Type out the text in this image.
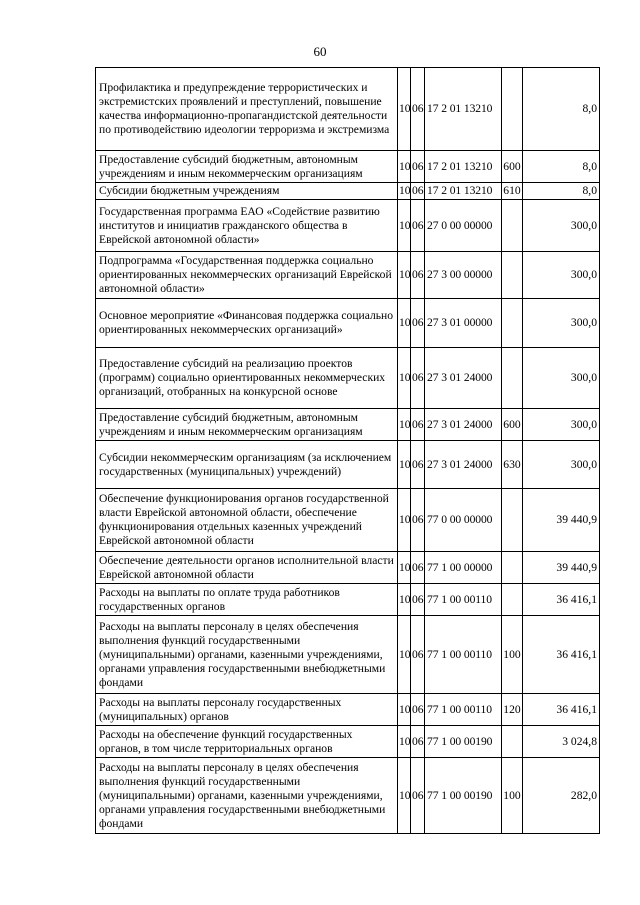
60
Профилактика и предупреждение террористических и экстремистских проявлений и преступлений, повышение качества информационно-пропагандистской деятельности по противодействию идеологии терроризма и экстремизма	10	06	17 2 01 13210		8,0
Предоставление субсидий бюджетным, автономным учреждениям и иным некоммерческим организациям	10	06	17 2 01 13210	600	8,0
Субсидии бюджетным учреждениям	10	06	17 2 01 13210	610	8,0
Государственная программа ЕАО «Содействие развитию институтов и инициатив гражданского общества в Еврейской автономной области»	10	06	27 0 00 00000		300,0
Подпрограмма «Государственная поддержка социально ориентированных некоммерческих организаций Еврейской автономной области»	10	06	27 3 00 00000		300,0
Основное мероприятие «Финансовая поддержка социально ориентированных некоммерческих организаций»	10	06	27 3 01 00000		300,0
Предоставление субсидий на реализацию проектов (программ) социально ориентированных некоммерческих организаций, отобранных на конкурсной основе	10	06	27 3 01 24000		300,0
Предоставление субсидий бюджетным, автономным учреждениям и иным некоммерческим организациям	10	06	27 3 01 24000	600	300,0
Субсидии некоммерческим организациям (за исключением государственных (муниципальных) учреждений)	10	06	27 3 01 24000	630	300,0
Обеспечение функционирования органов государственной власти Еврейской автономной области, обеспечение функционирования отдельных казенных учреждений Еврейской автономной области	10	06	77 0 00 00000		39 440,9
Обеспечение деятельности органов исполнительной власти Еврейской автономной области	10	06	77 1 00 00000		39 440,9
Расходы на выплаты по оплате труда работников государственных органов	10	06	77 1 00 00110		36 416,1
Расходы на выплаты персоналу в целях обеспечения выполнения функций государственными (муниципальными) органами, казенными учреждениями, органами управления государственными внебюджетными фондами	10	06	77 1 00 00110	100	36 416,1
Расходы на выплаты персоналу государственных (муниципальных) органов	10	06	77 1 00 00110	120	36 416,1
Расходы на обеспечение функций государственных органов, в том числе территориальных органов	10	06	77 1 00 00190		3 024,8
Расходы на выплаты персоналу в целях обеспечения выполнения функций государственными (муниципальными) органами, казенными учреждениями, органами управления государственными внебюджетными фондами	10	06	77 1 00 00190	100	282,0
